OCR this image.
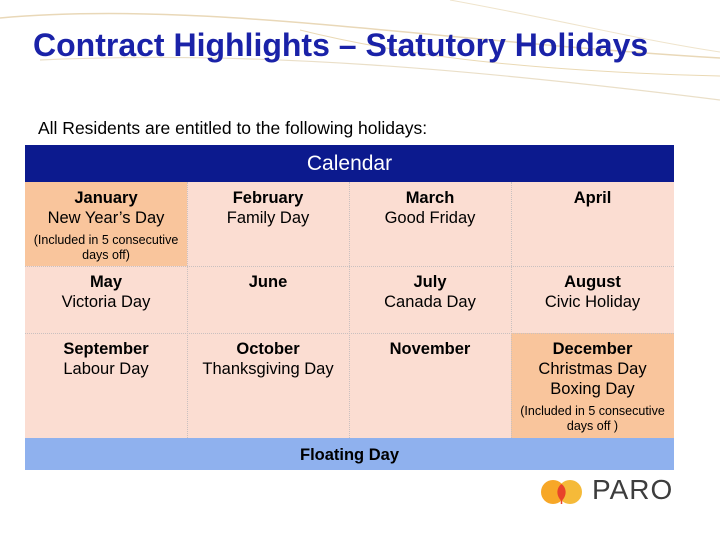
Contract Highlights – Statutory Holidays
All Residents are entitled to the following holidays:
Calendar
January
New Year’s Day
(Included in 5 consecutive days off)
February
Family Day
March
Good Friday
April
May
Victoria Day
June	July
Canada Day
August
Civic Holiday
September
Labour Day
October
Thanksgiving Day
November	December
Christmas Day
Boxing Day
(Included in 5 consecutive days off )
Floating Day
PARO
